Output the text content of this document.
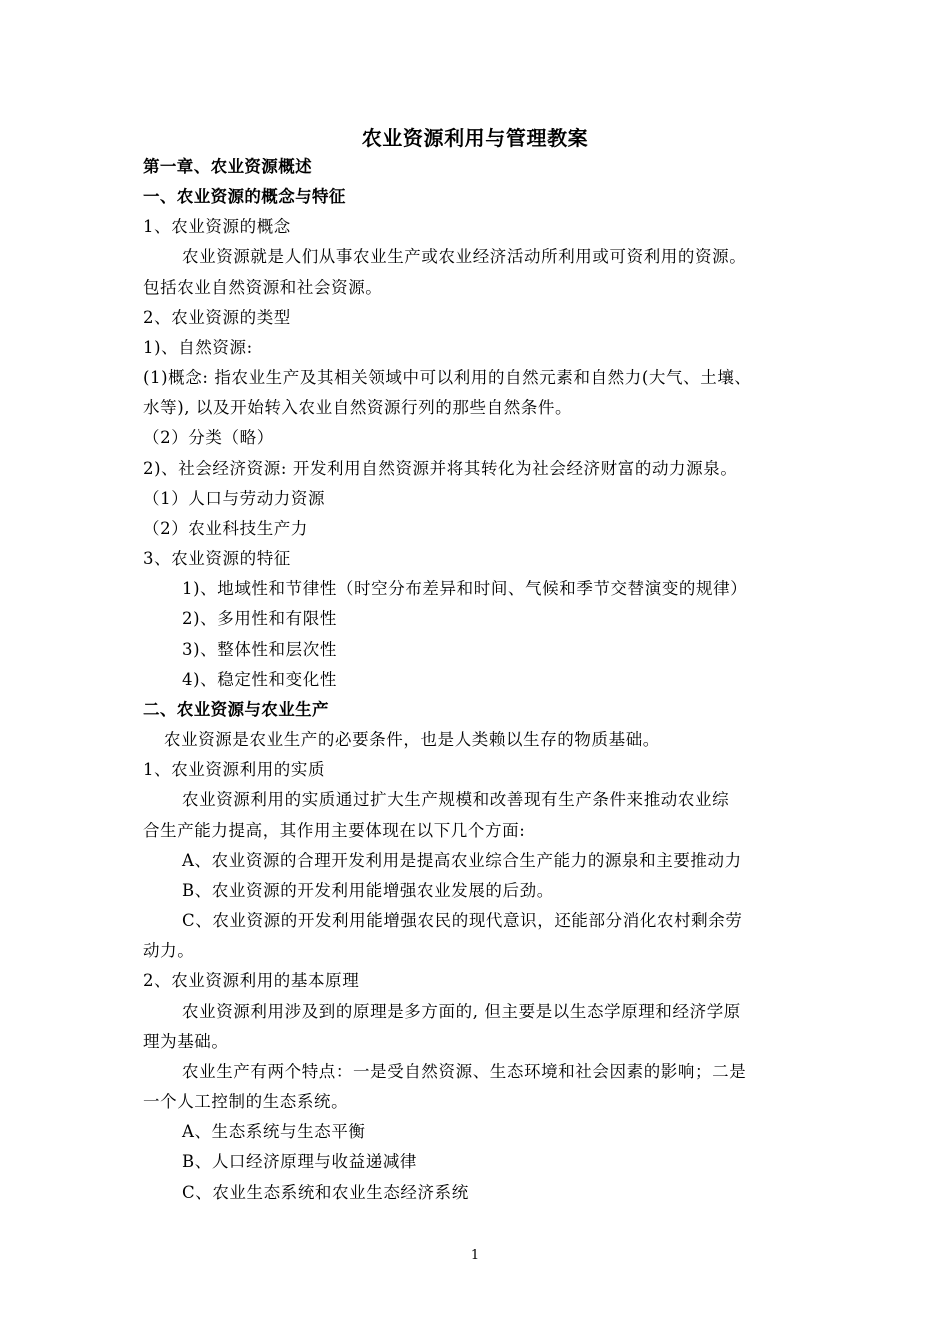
农业资源利用与管理教案
第一章、农业资源概述
一、农业资源的概念与特征
1、农业资源的概念
农业资源就是人们从事农业生产或农业经济活动所利用或可资利用的资源。
包括农业自然资源和社会资源。
2、农业资源的类型
1)、自然资源:
(1)概念: 指农业生产及其相关领域中可以利用的自然元素和自然力(大气、土壤、
水等), 以及开始转入农业自然资源行列的那些自然条件。
（2）分类（略）
2)、社会经济资源: 开发利用自然资源并将其转化为社会经济财富的动力源泉。
（1）人口与劳动力资源
（2）农业科技生产力
3、农业资源的特征
1)、地域性和节律性（时空分布差异和时间、气候和季节交替演变的规律）
2)、多用性和有限性
3)、整体性和层次性
4)、稳定性和变化性
二、农业资源与农业生产
农业资源是农业生产的必要条件，也是人类赖以生存的物质基础。
1、农业资源利用的实质
农业资源利用的实质通过扩大生产规模和改善现有生产条件来推动农业综
合生产能力提高，其作用主要体现在以下几个方面:
A、农业资源的合理开发利用是提高农业综合生产能力的源泉和主要推动力
B、农业资源的开发利用能增强农业发展的后劲。
C、农业资源的开发利用能增强农民的现代意识，还能部分消化农村剩余劳
动力。
2、农业资源利用的基本原理
农业资源利用涉及到的原理是多方面的, 但主要是以生态学原理和经济学原
理为基础。
农业生产有两个特点：一是受自然资源、生态环境和社会因素的影响；二是
一个人工控制的生态系统。
A、生态系统与生态平衡
B、人口经济原理与收益递减律
C、农业生态系统和农业生态经济系统
1
